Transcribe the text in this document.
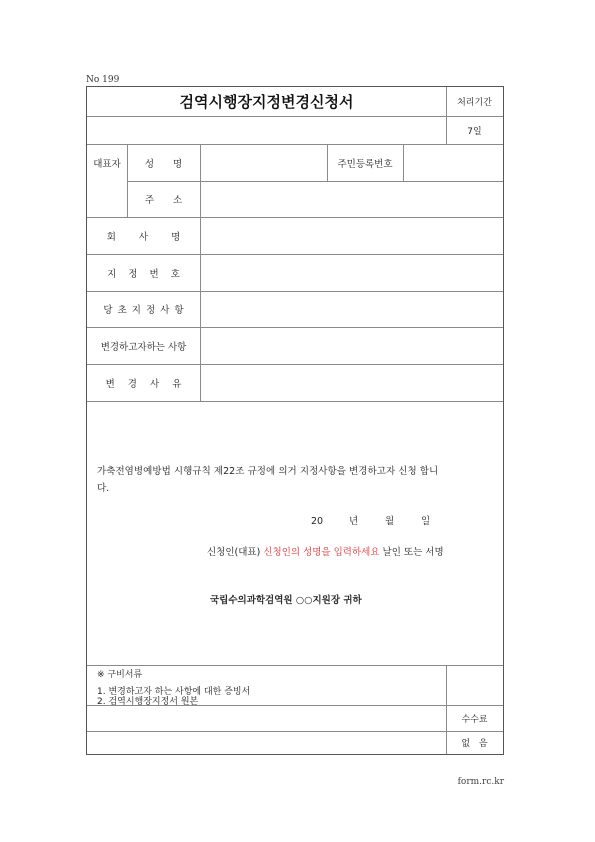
No 199
검역시행장지정변경신청서	처리기간
7일
대표자	성 명	주민등록번호
주 소
회 사 명
지 정 번 호
당 초 지 정 사 항
변경하고자하는 사항
변 경 사 유
가축전염병예방법 시행규칙 제22조 규정에 의거 지정사항을 변경하고자 신청 합니
다.
20	년	월	일
신청인(대표) 신청인의 성명을 입력하세요 날인 또는 서명
국립수의과학검역원 ○○지원장 귀하
※ 구비서류
1. 변경하고자 하는 사항에 대한 증빙서
2. 검역시행장지정서 원본
수수료
없 음
form.rc.kr
